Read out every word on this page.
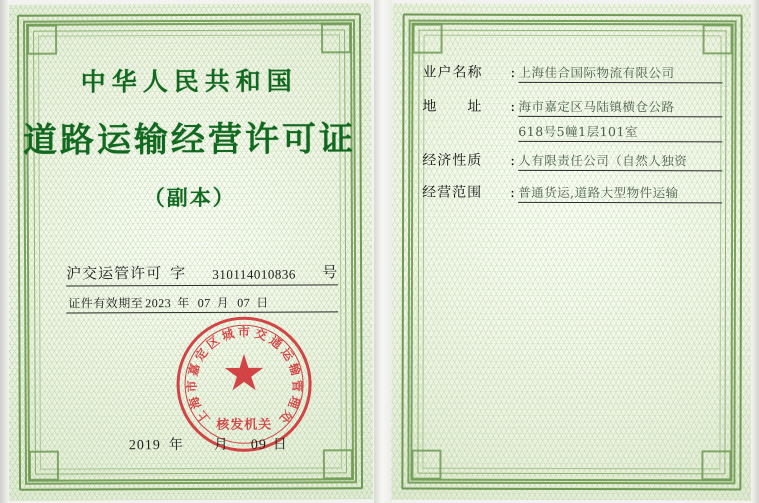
中华人民共和国
道路运输经营许可证
（副本）
沪交运管许可 字	310114010836	号
证件有效期至 2023 年 07 月 07 日
上
海
市
嘉
定
区
城 市 交
通
运
输
管
理
处
核发机关
2019 年 月 09 日
业户名称	: 上海佳合国际物流有限公司
地　　址	: 海市嘉定区马陆镇横仓公路
618号5幢1层101室
经济性质	: 人有限责任公司（自然人独资
经营范围	: 普通货运,道路大型物件运输
